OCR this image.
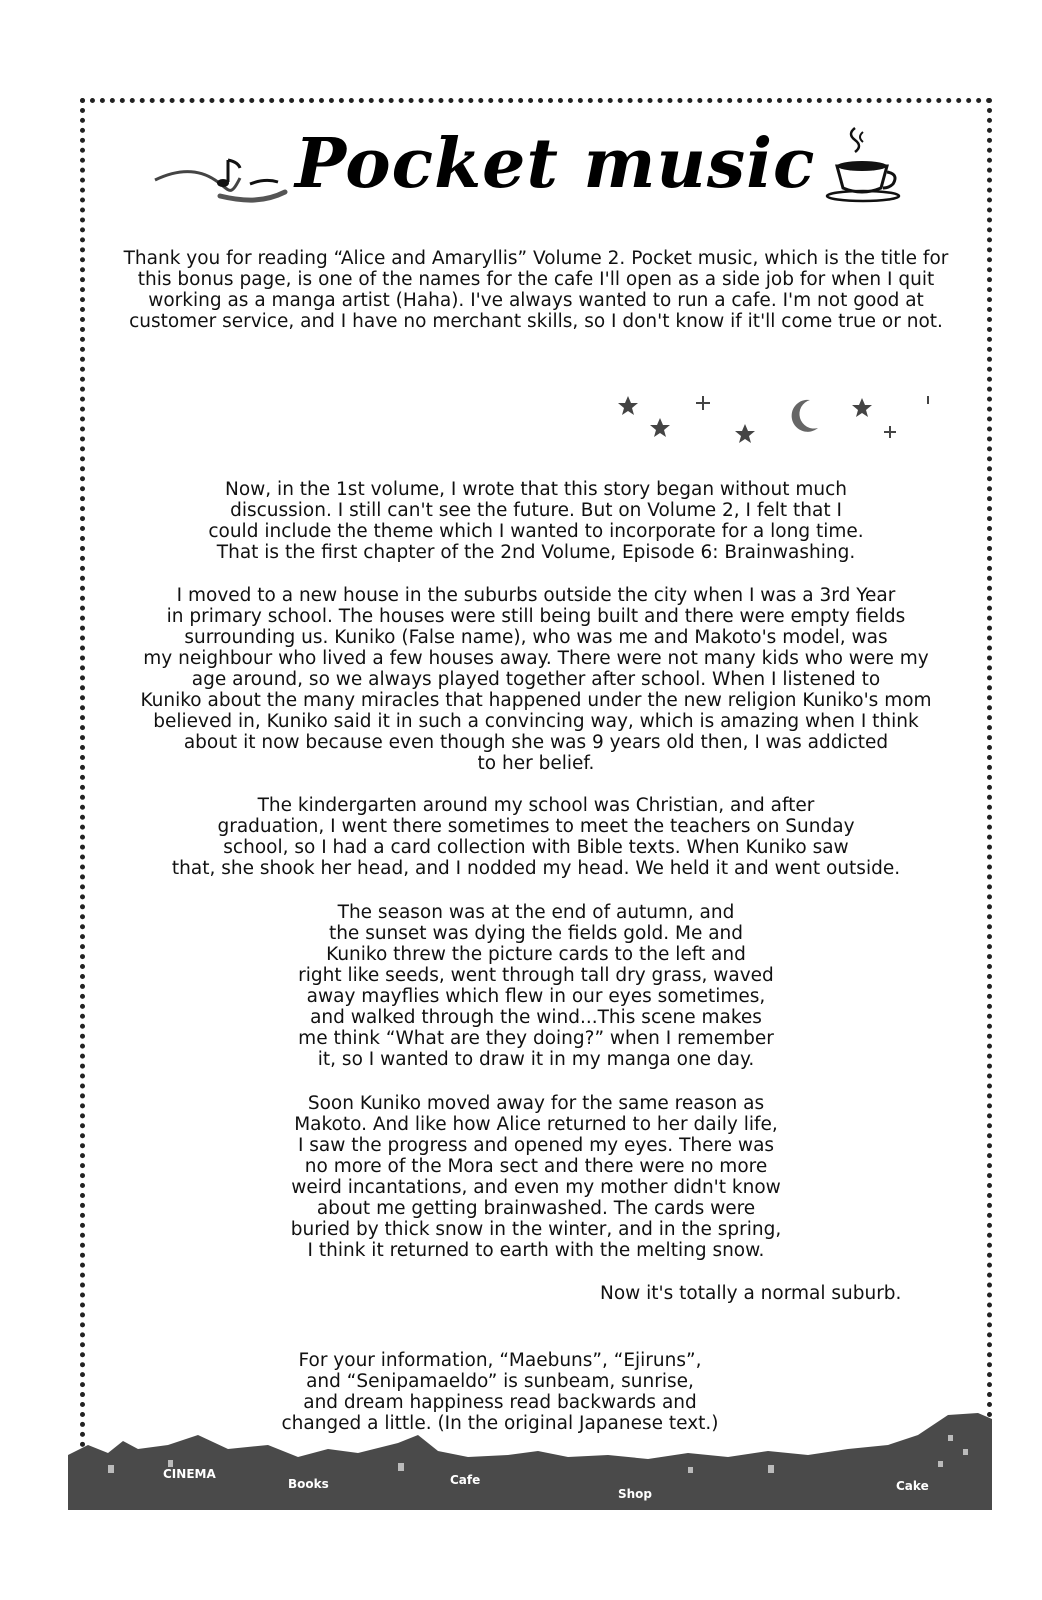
Pocket music
Thank you for reading “Alice and Amaryllis” Volume 2. Pocket music, which is the title for
this bonus page, is one of the names for the cafe I'll open as a side job for when I quit
working as a manga artist (Haha). I've always wanted to run a cafe. I'm not good at
customer service, and I have no merchant skills, so I don't know if it'll come true or not.
Now, in the 1st volume, I wrote that this story began without much
discussion. I still can't see the future. But on Volume 2, I felt that I
could include the theme which I wanted to incorporate for a long time.
That is the first chapter of the 2nd Volume, Episode 6: Brainwashing.
I moved to a new house in the suburbs outside the city when I was a 3rd Year
in primary school. The houses were still being built and there were empty fields
surrounding us. Kuniko (False name), who was me and Makoto's model, was
my neighbour who lived a few houses away. There were not many kids who were my
age around, so we always played together after school. When I listened to
Kuniko about the many miracles that happened under the new religion Kuniko's mom
believed in, Kuniko said it in such a convincing way, which is amazing when I think
about it now because even though she was 9 years old then, I was addicted
to her belief.
The kindergarten around my school was Christian, and after
graduation, I went there sometimes to meet the teachers on Sunday
school, so I had a card collection with Bible texts. When Kuniko saw
that, she shook her head, and I nodded my head. We held it and went outside.
The season was at the end of autumn, and
the sunset was dying the fields gold. Me and
Kuniko threw the picture cards to the left and
right like seeds, went through tall dry grass, waved
away mayflies which flew in our eyes sometimes,
and walked through the wind...This scene makes
me think “What are they doing?” when I remember
it, so I wanted to draw it in my manga one day.
Soon Kuniko moved away for the same reason as
Makoto. And like how Alice returned to her daily life,
I saw the progress and opened my eyes. There was
no more of the Mora sect and there were no more
weird incantations, and even my mother didn't know
about me getting brainwashed. The cards were
buried by thick snow in the winter, and in the spring,
I think it returned to earth with the melting snow.
Now it's totally a normal suburb.
For your information, “Maebuns”, “Ejiruns”,
and “Senipamaeldo” is sunbeam, sunrise,
and dream happiness read backwards and
changed a little. (In the original Japanese text.)
CINEMA
Books	Cafe
Shop
Cake
